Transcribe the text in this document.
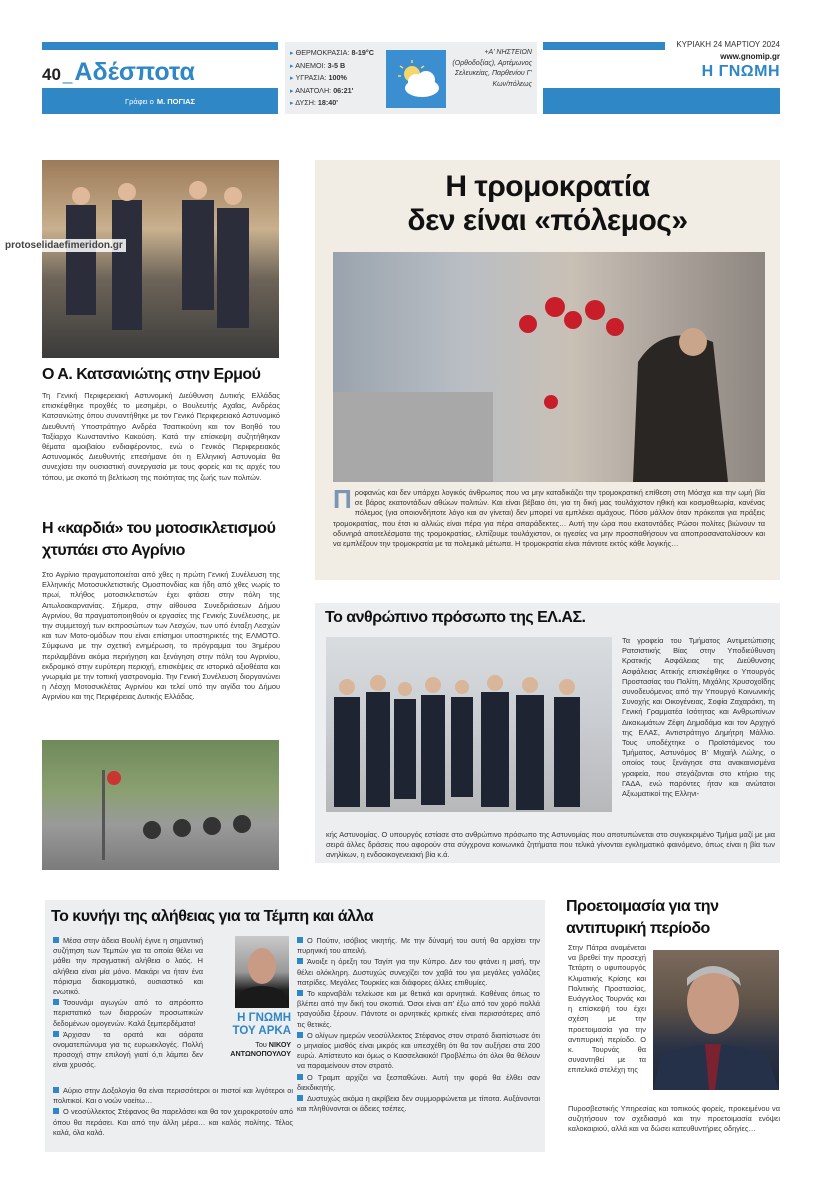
40 _ Αδέσποτα
Γράφει ο Μ. ΠΟΓΙΑΣ
▸ ΘΕΡΜΟΚΡΑΣΙΑ: 8-19°C
▸ ΑΝΕΜΟΙ: 3-5 B
▸ ΥΓΡΑΣΙΑ: 100%
▸ ΑΝΑΤΟΛΗ: 06:21'
▸ ΔΥΣΗ: 18:40'
+Α' ΝΗΣΤΕΙΩΝ (Ορθοδοξίας), Αρτέμωνος Σελευκείας, Παρθενίου Γ' Κων/πόλεως
ΚΥΡΙΑΚΗ 24 ΜΑΡΤΙΟΥ 2024
www.gnomip.gr
Η ΓΝΩΜΗ
protoselidaefimeridon.gr
Ο Α. Κατσανιώτης στην Ερμού
Τη Γενική Περιφερειακή Αστυνομική Διεύθυνση Δυτικής Ελλάδας επισκέφθηκε προχθές το μεσημέρι, ο Βουλευτής Αχαΐας, Ανδρέας Κατσανιώτης όπου συναντήθηκε με τον Γενικό Περιφερειακό Αστυνομικό Διευθυντή Υποστράτηγο Ανδρέα Τσαπικούνη και τον Βοηθό του Ταξίαρχο Κωνσταντίνο Κακούση. Κατά την επίσκεψη συζητήθηκαν θέματα αμοιβαίου ενδιαφέροντος, ενώ ο Γενικός Περιφερειακός Αστυνομικός Διευθυντής επεσήμανε ότι η Ελληνική Αστυνομία θα συνεχίσει την ουσιαστική συνεργασία με τους φορείς και τις αρχές του τόπου, με σκοπό τη βελτίωση της ποιότητας της ζωής των πολιτών.
Η «καρδιά» του μοτοσικλετισμού χτυπάει στο Αγρίνιο
Στο Αγρίνιο πραγματοποιείται από χθες η πρώτη Γενική Συνέλευση της Ελληνικής Μοτοσυκλετιστικής Ομοσπονδίας και ήδη από χθες νωρίς το πρωί, πλήθος μοτοσικλετιστών έχει φτάσει στην πόλη της Αιτωλοακαρνανίας. Σήμερα, στην αίθουσα Συνεδριάσεων Δήμου Αγρινίου, θα πραγματοποιηθούν οι εργασίες της Γενικής Συνέλευσης, με την συμμετοχή των εκπροσώπων των Λεσχών, των υπό ένταξη Λεσχών και των Μοτο-ομάδων που είναι επίσημοι υποστηρικτές της ΕΛΜΟΤΟ. Σύμφωνα με την σχετική ενημέρωση, το πρόγραμμα του 3ημέρου περιλαμβάνει ακόμα περιήγηση και ξενάγηση στην πόλη του Αγρινίου, εκδρομικό στην ευρύτερη περιοχή, επισκέψεις σε ιστορικά αξιοθέατα και γνωριμία με την τοπική γαστρονομία. Την Γενική Συνέλευση διοργανώνει η Λέσχη Μοτοσυκλέτας Αγρινίου και τελεί υπό την αιγίδα του Δήμου Αγρινίου και της Περιφέρειας Δυτικής Ελλάδας.
Η τρομοκρατία
δεν είναι «πόλεμος»
Π ροφανώς και δεν υπάρχει λογικός άνθρωπος που να μην καταδικάζει την τρομοκρατική επίθεση στη Μόσχα και την ωμή βία σε βάρος εκατοντάδων αθώων πολιτών. Και είναι βέβαιο ότι, για τη δική μας τουλάχιστον ηθική και κοσμοθεωρία, κανένας πόλεμος (για οποιονδήποτε λόγο και αν γίνεται) δεν μπορεί να εμπλέκει αμάχους. Πόσο μάλλον όταν πρόκειται για πράξεις τρομοκρατίας, που έτσι κι αλλιώς είναι πέρα για πέρα απαράδεκτες… Αυτή την ώρα που εκατοντάδες Ρώσοι πολίτες βιώνουν τα οδυνηρά αποτελέσματα της τρομοκρατίας, ελπίζουμε τουλάχιστον, οι ηγεσίες να μην προσπαθήσουν να αποπροσανατολίσουν και να εμπλέξουν την τρομοκρατία με τα πολεμικά μέτωπα. Η τρομοκρατία είναι πάντοτε εκτός κάθε λογικής…
Το ανθρώπινο πρόσωπο της ΕΛ.ΑΣ.
Τα γραφεία του Τμήματος Αντιμετώπισης Ρατσιστικής Βίας στην Υποδιεύθυνση Κρατικής Ασφάλειας της Διεύθυνσης Ασφάλειας Αττικής επισκέφθηκε ο Υπουργός Προστασίας του Πολίτη, Μιχάλης Χρυσοχοΐδης συνοδευόμενος από την Υπουργό Κοινωνικής Συνοχής και Οικογένειας, Σοφία Ζαχαράκη, τη Γενική Γραμματέα Ισότητας και Ανθρωπίνων Δικαιωμάτων Ζέφη Δημαδάμα και τον Αρχηγό της ΕΛΑΣ, Αντιστράτηγο Δημήτρη Μάλλιο. Τους υποδέχτηκε ο Προϊστάμενος του Τμήματος, Αστυνόμος Β' Μιχαήλ Λώλης, ο οποίος τους ξενάγησε στα ανακαινισμένα γραφεία, που στεγάζονται στο κτήριο της ΓΑΔΑ, ενώ παρόντες ήταν και ανώτατοι Αξιωματικοί της Ελληνι-
κής Αστυνομίας. Ο υπουργός εστίασε στο ανθρώπινο πρόσωπο της Αστυνομίας που αποτυπώνεται στο συγκεκριμένο Τμήμα μαζί με μια σειρά άλλες δράσεις που αφορούν στα σύγχρονα κοινωνικά ζητήματα που τελικά γίνονται εγκληματικό φαινόμενο, όπως είναι η βία των ανηλίκων, η ενδοοικογενειακή βία κ.ά.
Το κυνήγι της αλήθειας για τα Τέμπη και άλλα
Μέσα στην άδεια Βουλή έγινε η σημαντική συζήτηση των Τεμπών για τα οποία θέλει να μάθει την πραγματική αλήθεια ο λαός. Η αλήθεια είναι μία μόνο. Μακάρι να ήταν ένα πόρισμα διακομματικό, ουσιαστικό και ενωτικό.
Τσουνάμι αγωγών από το απρόοπτο περιστατικό των διαρροών προσωπικών δεδομένων ομογενών. Καλά ξεμπερδέματα!
Άρχισαν τα ορατά και αόρατα ονοματεπώνυμα για τις ευρωεκλογές. Πολλή προσοχή στην επιλογή γιατί ό,τι λάμπει δεν είναι χρυσός.
Η ΓΝΩΜΗ
ΤΟΥ ΑΡΚΑ
Του ΝΙΚΟΥ
ΑΝΤΩΝΟΠΟΥΛΟΥ
Αύριο στην Δοξολογία θα είναι περισσότεροι οι πιστοί και λιγότεροι οι πολιτικοί. Και ο νοών νοείτω…
Ο νεοσύλλεκτος Στέφανος θα παρελάσει και θα τον χειροκροτούν από όπου θα περάσει. Και από την άλλη μέρα… και καλός πολίτης. Τέλος καλά, όλα καλά.
Ο Πούτιν, ισόβιος νικητής. Με την δύναμή του αυτή θα αρχίσει την πυρηνική του απειλή.
Άνοιξε η όρεξη του Ταγίπ για την Κύπρο. Δεν του φτάνει η μισή, την θέλει ολόκληρη. Δυστυχώς συνεχίζει τον χαβά του για μεγάλες γαλάζιες πατρίδες. Μεγάλες Τουρκίες και διάφορες άλλες επιθυμίες.
Το καρναβάλι τελείωσε και με θετικά και αρνητικά. Καθένας όπως το βλέπει από την δική του σκοπιά. Όσοι είναι απ' έξω από τον χορό πολλά τραγούδια ξέρουν. Πάντοτε οι αρνητικές κριτικές είναι περισσότερες από τις θετικές.
Ο ολίγων ημερών νεοσύλλεκτος Στέφανος στον στρατό διαπίστωσε ότι ο μηνιαίος μισθός είναι μικρός και υπεσχέθη ότι θα τον αυξήσει στα 200 ευρώ. Απίστευτο και όμως ο Κασσελακικό! Προβλέπω ότι όλοι θα θέλουν να παραμείνουν στον στρατό.
Ο Τραμπ αρχίζει να ξεσπαθώνει. Αυτή την φορά θα έλθει σαν διεκδικητής.
Δυστυχώς ακόμα η ακρίβεια δεν συμμορφώνεται με τίποτα. Αυξάνονται και πληθύνονται οι άδειες τσέπες.
Προετοιμασία για την αντιπυρική περίοδο
Στην Πάτρα αναμένεται να βρεθεί την προσεχή Τετάρτη ο υφυπουργός Κλιματικής Κρίσης και Πολιτικής Προστασίας, Ευάγγελος Τουρνάς και η επίσκεψή του έχει σχέση με την προετοιμασία για την αντιπυρική περίοδο. Ο κ. Τουρνάς θα συναντηθεί με τα επιτελικά στελέχη της
Πυροσβεστικής Υπηρεσίας και τοπικούς φορείς, προκειμένου να συζητήσουν τον σχεδιασμό και την προετοιμασία ενόψει καλοκαιριού, αλλά και να δώσει κατευθυντήριες οδηγίες…
